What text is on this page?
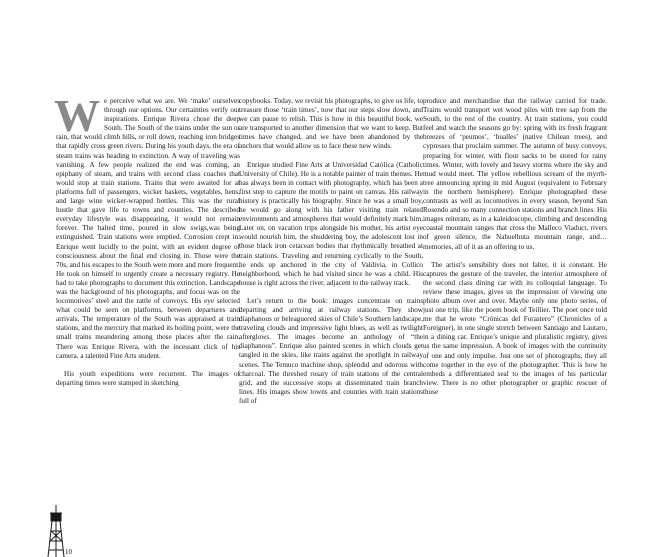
We perceive what we are. We ‘make’ ourselves through our options. Our certainties verify our inspirations. Enrique Rivera chose the deep South. The South of the trains under the sun or rain, that would climb hills, or roll down, reaching iron bridges that rapidly cross green rivers. During his youth days, the era of steam trains was heading to extinction. A way of traveling was vanishing. A few people realized the end was coming, an epiphany of steam, and trains with second class coaches that would stop at train stations. Trains that were awaited for at platforms full of passengers, wicker baskets, vegetables, hens, and large wine wicker-wrapped bottles. This was the rural hustle that gave life to towns and counties. The described everyday lifestyle was disappearing, it would not remain forever. The halted time, poured in slow swigs,was being extinguished. Train stations were emptied. Corrosion crept in. Enrique went lucidly to the point, with an evident degree of consciousness about the final end closing in. Those were the 70s, and his escapes to the South were more and more frequent. He took on himself to urgently create a necessary registry. He had to take photographs to document this extinction. Landscape was the background of his photographs, and focus was on the locomotives’ steel and the rattle of convoys. His eye selected what could be seen on platforms, between departures and arrivals. The temperature of the South was appraised at train stations, and the mercury that marked its boiling point, were the small trains meandering among those places after the rain. There was Enrique Rivera, with the incessant click of his camera, a talented Fine Arts student.

His youth expeditions were recurrent. The images of departing times were stamped in sketching

copybooks. Today, we revisit his photographs, to give us life, to treasure those ‘train times’, now that our steps slow down, and we can pause to relish. This is how in this beautiful book, we are transported to another dimension that we want to keep. But times have changed, and we have been abandoned by the anchors that would allow us to face these new winds.

Enrique studied Fine Arts at Universidad Católica (Catholic University of Chile). He is a notable painter of train themes. He has always been in contact with photography, which has been a first step to capture the motifs to paint on canvas. His railway history is practically his biography. Since he was a small boy, he would go along with his father visiting train related environments and atmospheres that would definitely mark him. Later on, on vacation trips alongside his mother, his artist eye would nourish him, the shuddering boy, the adolescent lost in those black iron cetacean bodies that rhythmically breathed at train stations. Traveling and returning cyclically to the South, he ends up anchored in the city of Valdivia, in Collico neighborhood, which he had visited since he was a child. His house is right across the river, adjacent to the railway track.

Let’s return to the book: images concentrate on trains departing and arriving at railway stations. They show diaphanous or beleaguered skies of Chile’s Southern landscape, traveling clouds and impressive light blues, as well as twilight afterglows. The images become an anthology of “the diaphanous”. Enrique also painted scenes in which clouds get tangled in the skies, like trains against the spotlight in railway scenes. The Temuco machine shop, splendid and odorous with charcoal. The threshed rosary of train stations of the central grid, and the successive stops at disseminated train branch lines. His images show towns and counties with train stations full of

produce and merchandise that the railway carried for trade. Trains would transport wet wood piles with tree sap from the South, to the rest of the country. At train stations, you could feel and watch the seasons go by: spring with its fresh fragrant breezes of ‘peumos’, ‘hualles’ (native Chilean trees), and cypresses that proclaim summer. The autumn of busy convoys, preparing for winter, with flour sacks to be stored for rainy times. Winter, with lovely and heavy storms where the sky and mud would meet. The yellow rebellious scream of the myrrh-tree announcing spring in mid August (equivalent to February in the northern hemisphere). Enrique photographed these contrasts as well as locomotives in every season, beyond San Rosendo and so many connection stations and branch lines. His images reiterate, as in a kaleidoscope, climbing and descending coastal mountain ranges that cross the Malleco Viaduct, rivers of green silence, the Nahuelbuta mountain range, and… memories, all of it as an offering to us.

The artist’s sensibility does not falter, it is constant. He captures the gesture of the traveler, the interior atmosphere of the second class dining car with its colloquial language. To review these images, gives us the impression of viewing one photo album over and over. Maybe only one photo series, of just one trip, like the poem book of Teillier. The poet once told me that he wrote “Crónicas del Forastero” (Chronicles of a Foreigner), in one single stretch between Santiago and Lautaro, in a dining car. Enrique’s unique and pluralistic registry, gives us the same impression. A book of images with the continuity of one and only impulse. Just one set of photographs, they all come together in the eye of the photographer. This is how he embeds a differentiated seal to the images of his particular view. There is no other photographer or graphic rescuer of those

10
